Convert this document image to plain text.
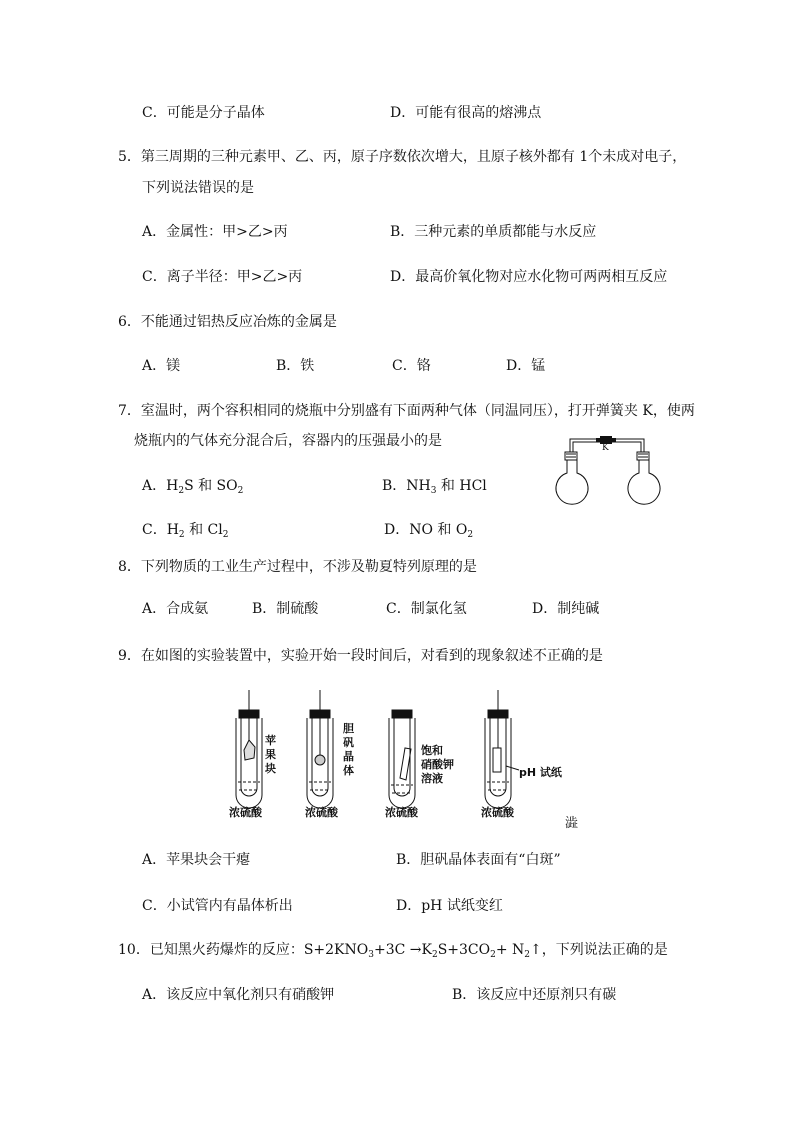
C．可能是分子晶体	D．可能有很高的熔沸点
5．第三周期的三种元素甲、乙、丙，原子序数依次增大，且原子核外都有 1个未成对电子，
下列说法错误的是
A．金属性：甲>乙>丙	B．三种元素的单质都能与水反应
C．离子半径：甲>乙>丙	D．最高价氧化物对应水化物可两两相互反应
6．不能通过铝热反应冶炼的金属是
A．镁	B．铁	C．铬	D．锰
7．室温时，两个容积相同的烧瓶中分别盛有下面两种气体（同温同压），打开弹簧夹 K，使两
烧瓶内的气体充分混合后，容器内的压强最小的是	K
A．$H_2S$ 和 $SO_2$	B．$NH_3$ 和 HCl
C．$H_2$ 和 $Cl_2$	D．NO 和 $O_2$
8．下列物质的工业生产过程中，不涉及勒夏特列原理的是
A．合成氨	B．制硫酸	C．制氯化氢	D．制纯碱
9．在如图的实验装置中，实验开始一段时间后，对看到的现象叙述不正确的是
苹
果
块
胆
矾
晶
体
饱和
硝酸钾
溶液	pH 试纸
浓硫酸	浓硫酸	浓硫酸	浓硫酸
澁
A．苹果块会干瘪	B．胆矾晶体表面有“白斑”
C．小试管内有晶体析出	D．pH 试纸变红
10．已知黑火药爆炸的反应：$S+2KNO_3+3C \to K_2S+3CO_2+$ $N_2↑$，下列说法正确的是
A．该反应中氧化剂只有硝酸钾	B．该反应中还原剂只有碳
